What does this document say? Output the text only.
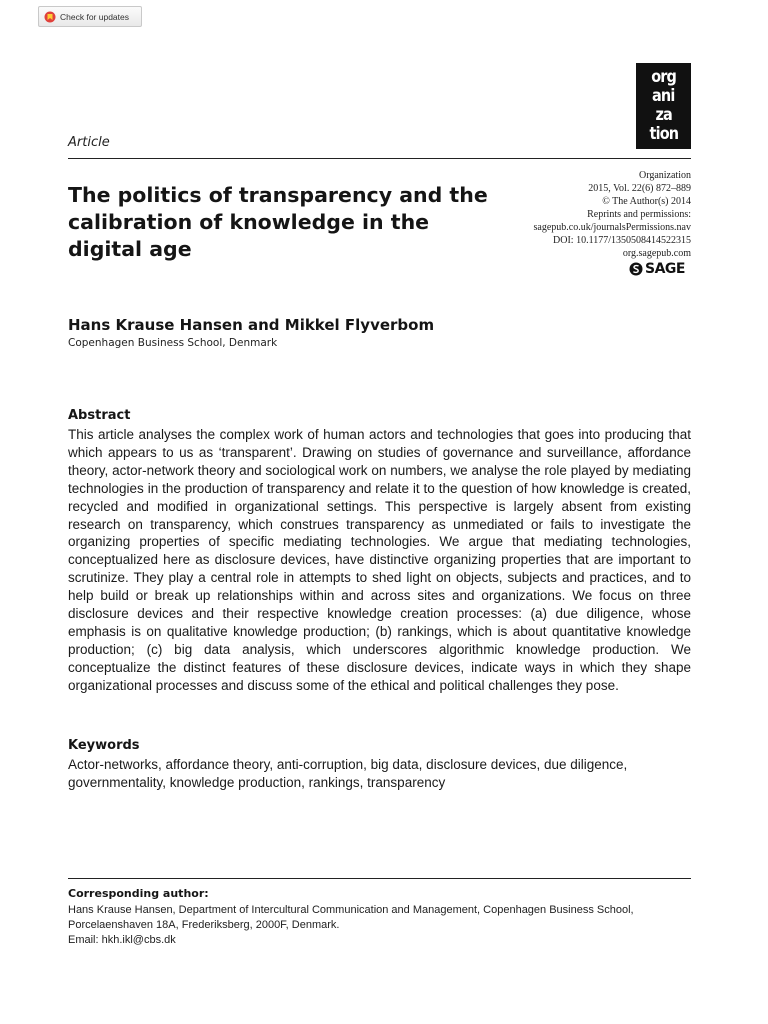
Check for updates
org
ani
za
tion
Article
The politics of transparency and the calibration of knowledge in the digital age
Organization
2015, Vol. 22(6) 872–889
© The Author(s) 2014
Reprints and permissions:
sagepub.co.uk/journalsPermissions.nav
DOI: 10.1177/1350508414522315
org.sagepub.com
SAGE
Hans Krause Hansen and Mikkel Flyverbom
Copenhagen Business School, Denmark
Abstract

This article analyses the complex work of human actors and technologies that goes into producing that which appears to us as ‘transparent’. Drawing on studies of governance and surveillance, affordance theory, actor-network theory and sociological work on numbers, we analyse the role played by mediating technologies in the production of transparency and relate it to the question of how knowledge is created, recycled and modified in organizational settings. This perspective is largely absent from existing research on transparency, which construes transparency as unmediated or fails to investigate the organizing properties of specific mediating technologies. We argue that mediating technologies, conceptualized here as disclosure devices, have distinctive organizing properties that are important to scrutinize. They play a central role in attempts to shed light on objects, subjects and practices, and to help build or break up relationships within and across sites and organizations. We focus on three disclosure devices and their respective knowledge creation processes: (a) due diligence, whose emphasis is on qualitative knowledge production; (b) rankings, which is about quantitative knowledge production; (c) big data analysis, which underscores algorithmic knowledge production. We conceptualize the distinct features of these disclosure devices, indicate ways in which they shape organizational processes and discuss some of the ethical and political challenges they pose.

Keywords

Actor-networks, affordance theory, anti-corruption, big data, disclosure devices, due diligence, governmentality, knowledge production, rankings, transparency

Corresponding author:
Hans Krause Hansen, Department of Intercultural Communication and Management, Copenhagen Business School,
Porcelaenshaven 18A, Frederiksberg, 2000F, Denmark.
Email: hkh.ikl@cbs.dk
